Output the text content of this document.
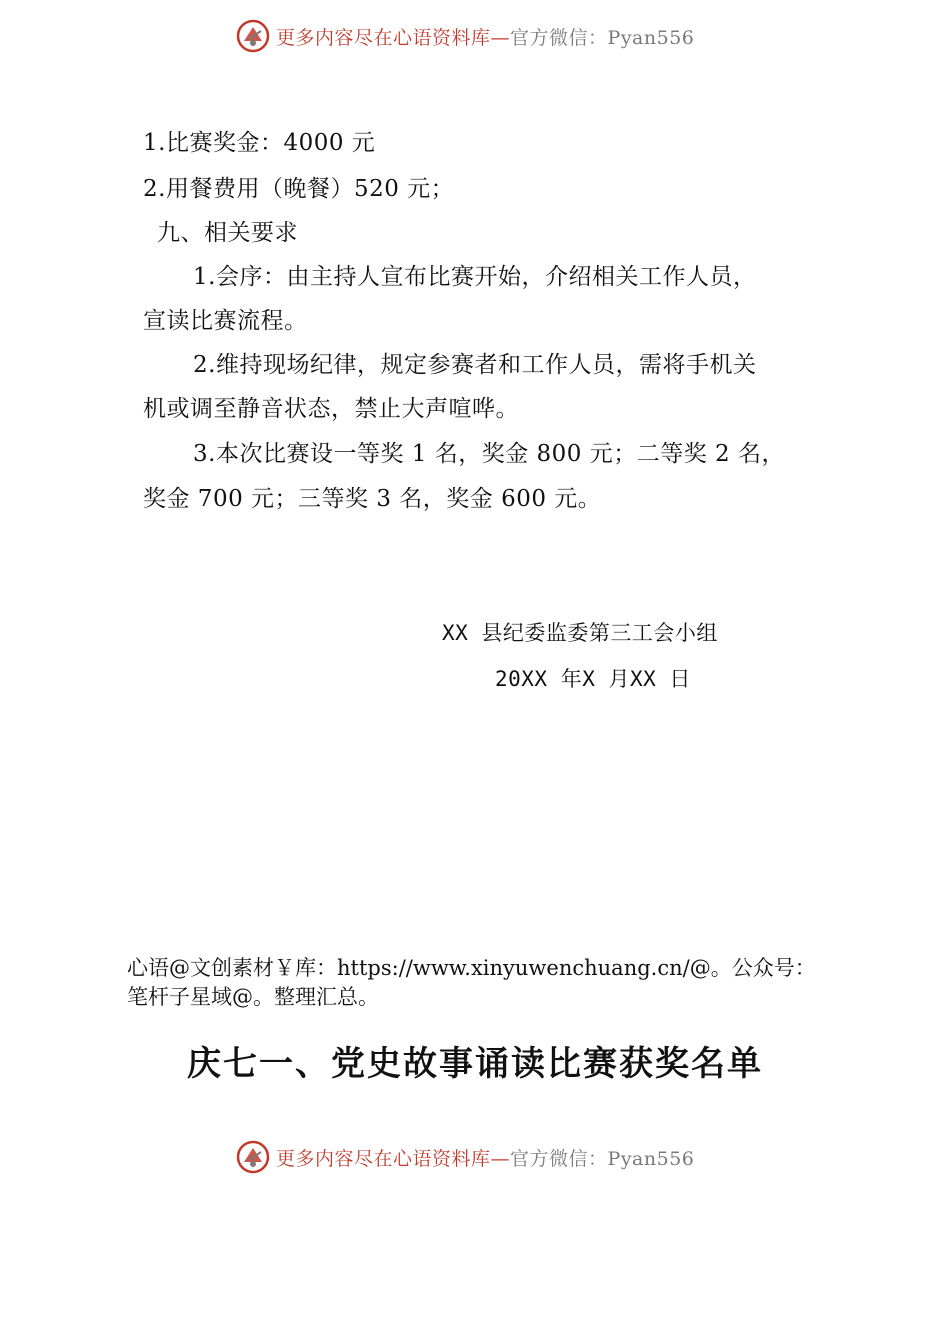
更多内容尽在心语资料库—官方微信：Pyan556
1.比赛奖金：4000 元
2.用餐费用（晚餐）520 元；
九、相关要求
1.会序：由主持人宣布比赛开始，介绍相关工作人员，
宣读比赛流程。
2.维持现场纪律，规定参赛者和工作人员，需将手机关
机或调至静音状态，禁止大声喧哗。
3.本次比赛设一等奖 1 名，奖金 800 元；二等奖 2 名，
奖金 700 元；三等奖 3 名，奖金 600 元。
XX 县纪委监委第三工会小组
20XX 年X 月XX 日
心语@文创素材￥库：https://www.xinyuwenchuang.cn/@。公众号：笔杆子星域@。整理汇总。
庆七一、党史故事诵读比赛获奖名单
更多内容尽在心语资料库—官方微信：Pyan556
